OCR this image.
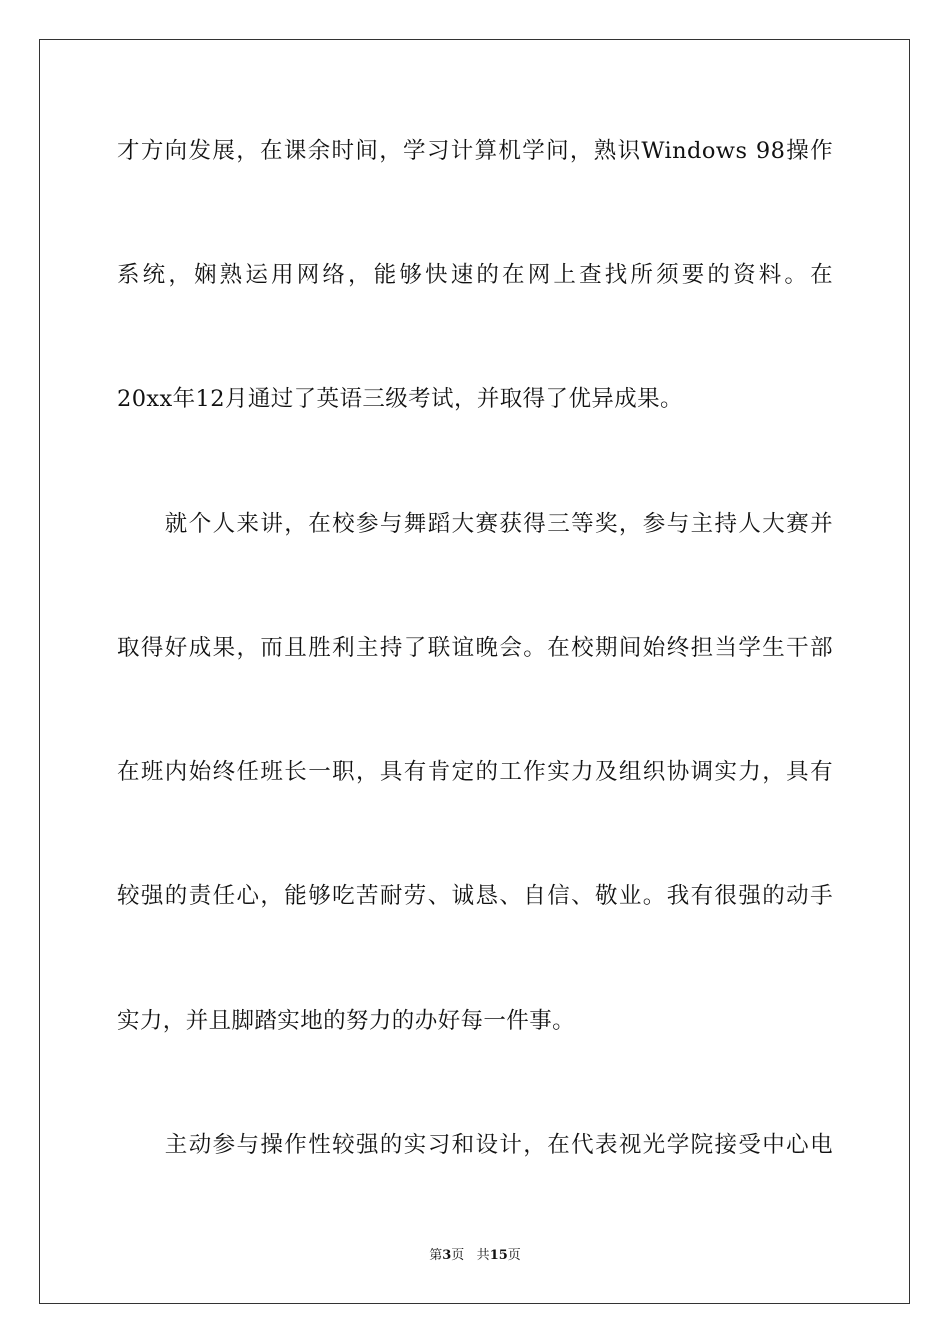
才方向发展，在课余时间，学习计算机学问，熟识Windows 98操作
系统，娴熟运用网络，能够快速的在网上查找所须要的资料。在
20xx年12月通过了英语三级考试，并取得了优异成果。
　　就个人来讲，在校参与舞蹈大赛获得三等奖，参与主持人大赛并
取得好成果，而且胜利主持了联谊晚会。在校期间始终担当学生干部
在班内始终任班长一职，具有肯定的工作实力及组织协调实力，具有
较强的责任心，能够吃苦耐劳、诚恳、自信、敬业。我有很强的动手
实力，并且脚踏实地的努力的办好每一件事。
　　主动参与操作性较强的实习和设计，在代表视光学院接受中心电
第3页 共15页
